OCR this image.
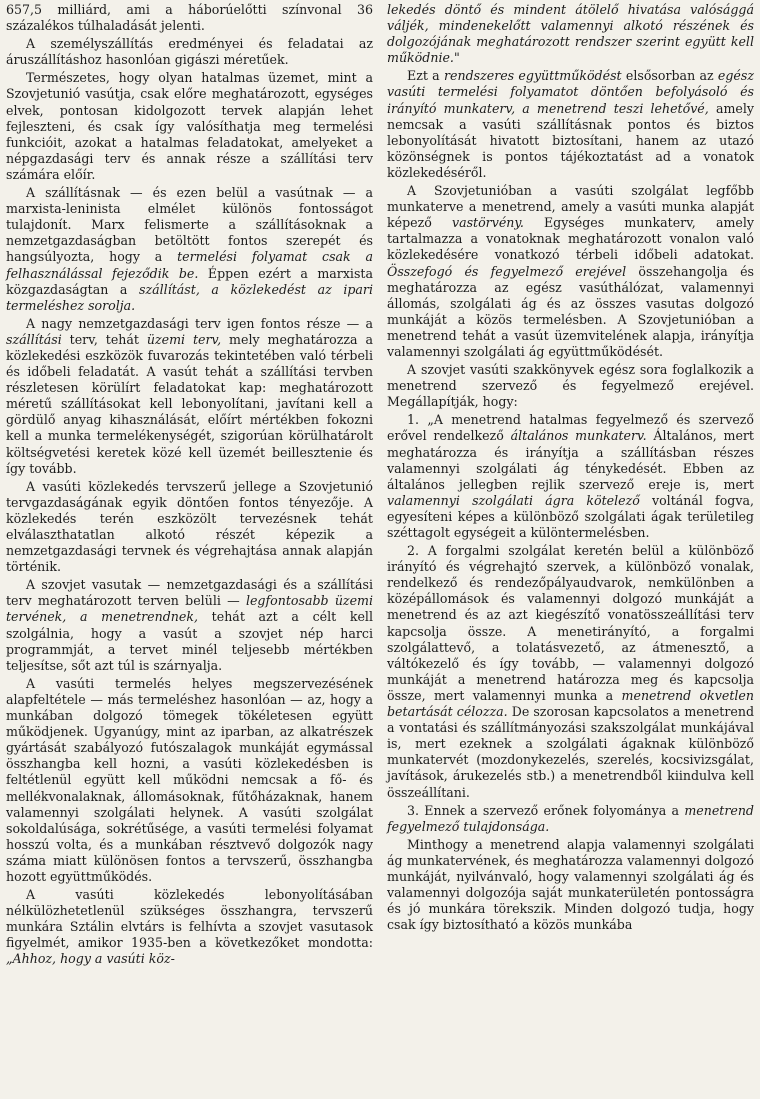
657,5 milliárd, ami a háborúelőtti színvonal 36 százalékos túlhaladását jelenti.

A személyszállítás eredményei és feladatai az áruszállításhoz hasonlóan gigászi méretűek.

Természetes, hogy olyan hatalmas üzemet, mint a Szovjetunió vasútja, csak előre meghatározott, egységes elvek, pontosan kidolgozott tervek alapján lehet fejleszteni, és csak így valósíthatja meg termelési funkcióit, azokat a hatalmas feladatokat, amelyeket a népgazdasági terv és annak része a szállítási terv számára előír.

A szállításnak — és ezen belül a vasútnak — a marxista-leninista elmélet különös fontosságot tulajdonít. Marx felismerte a szállításoknak a nemzetgazdaságban betöltött fontos szerepét és hangsúlyozta, hogy a termelési folyamat csak a felhasználással fejeződik be. Éppen ezért a marxista közgazdaságtan a szállítást, a közlekedést az ipari termeléshez sorolja.

A nagy nemzetgazdasági terv igen fontos része — a szállítási terv, tehát üzemi terv, mely meghatározza a közlekedési eszközök fuvarozás tekintetében való térbeli és időbeli feladatát. A vasút tehát a szállítási tervben részletesen körülírt feladatokat kap: meghatározott méretű szállításokat kell lebonyolítani, javítani kell a gördülő anyag kihasználását, előírt mértékben fokozni kell a munka termelékenységét, szigorúan körülhatárolt költségvetési keretek közé kell üzemét beillesztenie és így tovább.

A vasúti közlekedés tervszerű jellege a Szovjetunió tervgazdaságának egyik döntően fontos tényezője. A közlekedés terén eszközölt tervezésnek tehát elválaszthatatlan alkotó részét képezik a nemzetgazdasági tervnek és végrehajtása annak alapján történik.

A szovjet vasutak — nemzetgazdasági és a szállítási terv meghatározott terven belüli — legfontosabb üzemi tervének, a menetrendnek, tehát azt a célt kell szolgálnia, hogy a vasút a szovjet nép harci programmját, a tervet minél teljesebb mértékben teljesítse, sőt azt túl is szárnyalja.

A vasúti termelés helyes megszervezésének alapfeltétele — más termeléshez hasonlóan — az, hogy a munkában dolgozó tömegek tökéletesen együtt működjenek. Ugyanúgy, mint az iparban, az alkatrészek gyártását szabályozó futószalagok munkáját egymással összhangba kell hozni, a vasúti közlekedésben is feltétlenül együtt kell működni nemcsak a fő- és mellékvonalaknak, állomásoknak, fűtőházaknak, hanem valamennyi szolgálati helynek. A vasúti szolgálat sokoldalúsága, sokrétűsége, a vasúti termelési folyamat hosszú volta, és a munkában résztvevő dolgozók nagy száma miatt különösen fontos a tervszerű, összhangba hozott együttműködés.

A vasúti közlekedés lebonyolításában nélkülözhetetlenül szükséges összhangra, tervszerű munkára Sztálin elvtárs is felhívta a szovjet vasutasok figyelmét, amikor 1935-ben a következőket mondotta: „Ahhoz, hogy a vasúti köz-

lekedés döntő és mindent átölelő hivatása valósággá váljék, mindenekelőtt valamennyi alkotó részének és dolgozójának meghatározott rendszer szerint együtt kell működnie."

Ezt a rendszeres együttműködést elsősorban az egész vasúti termelési folyamatot döntően befolyásoló és irányító munkaterv, a menetrend teszi lehetővé, amely nemcsak a vasúti szállításnak pontos és biztos lebonyolítását hivatott biztosítani, hanem az utazó közönségnek is pontos tájékoztatást ad a vonatok közlekedéséről.

A Szovjetunióban a vasúti szolgálat legfőbb munkaterve a menetrend, amely a vasúti munka alapját képező vastörvény. Egységes munkaterv, amely tartalmazza a vonatoknak meghatározott vonalon való közlekedésére vonatkozó térbeli időbeli adatokat. Összefogó és fegyelmező erejével összehangolja és meghatározza az egész vasúthálózat, valamennyi állomás, szolgálati ág és az összes vasutas dolgozó munkáját a közös termelésben. A Szovjetunióban a menetrend tehát a vasút üzemvitelének alapja, irányítja valamennyi szolgálati ág együttműködését.

A szovjet vasúti szakkönyvek egész sora foglalkozik a menetrend szervező és fegyelmező erejével. Megállapítják, hogy:

1. „A menetrend hatalmas fegyelmező és szervező erővel rendelkező általános munkaterv. Általános, mert meghatározza és irányítja a szállításban részes valamennyi szolgálati ág ténykedését. Ebben az általános jellegben rejlik szervező ereje is, mert valamennyi szolgálati ágra kötelező voltánál fogva, egyesíteni képes a különböző szolgálati ágak területileg széttagolt egységeit a különtermelésben.

2. A forgalmi szolgálat keretén belül a különböző irányító és végrehajtó szervek, a különböző vonalak, rendelkező és rendezőpályaudvarok, nemkülönben a középállomások és valamennyi dolgozó munkáját a menetrend és az azt kiegészítő vonatösszeállítási terv kapcsolja össze. A menetirányító, a forgalmi szolgálattevő, a tolatásvezető, az átmenesztő, a váltókezelő és így tovább, — valamennyi dolgozó munkáját a menetrend határozza meg és kapcsolja össze, mert valamennyi munka a menetrend okvetlen betartását célozza. De szorosan kapcsolatos a menetrend a vontatási és szállítmányozási szakszolgálat munkájával is, mert ezeknek a szolgálati ágaknak különböző munkatervét (mozdonykezelés, szerelés, kocsivizsgálat, javítások, árukezelés stb.) a menetrendből kiindulva kell összeállítani.

3. Ennek a szervező erőnek folyománya a menetrend fegyelmező tulajdonsága.

Minthogy a menetrend alapja valamennyi szolgálati ág munkatervének, és meghatározza valamennyi dolgozó munkáját, nyilvánvaló, hogy valamennyi szolgálati ág és valamennyi dolgozója saját munkaterületén pontosságra és jó munkára törekszik. Minden dolgozó tudja, hogy csak így biztosítható a közös munkába
